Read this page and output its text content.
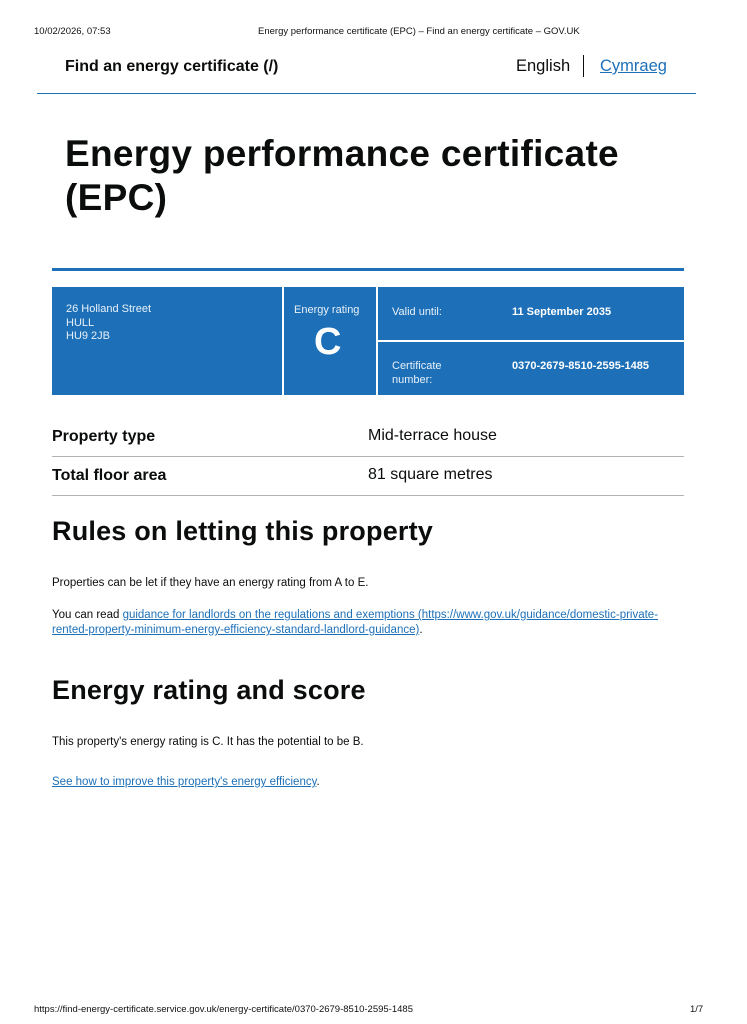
10/02/2026, 07:53	Energy performance certificate (EPC) – Find an energy certificate – GOV.UK
Find an energy certificate (/)	English Cymraeg
Energy performance certificate (EPC)
26 Holland Street
HULL
HU9 2JB
Energy rating
C
Valid until:	11 September 2035
Certificate number:
0370-2679-8510-2595-1485
Property type	Mid-terrace house
Total floor area	81 square metres
Rules on letting this property
Properties can be let if they have an energy rating from A to E.
You can read guidance for landlords on the regulations and exemptions (https://www.gov.uk/guidance/domestic-private-rented-property-minimum-energy-efficiency-standard-landlord-guidance).
Energy rating and score
This property's energy rating is C. It has the potential to be B.
See how to improve this property's energy efficiency.
https://find-energy-certificate.service.gov.uk/energy-certificate/0370-2679-8510-2595-1485	1/7
